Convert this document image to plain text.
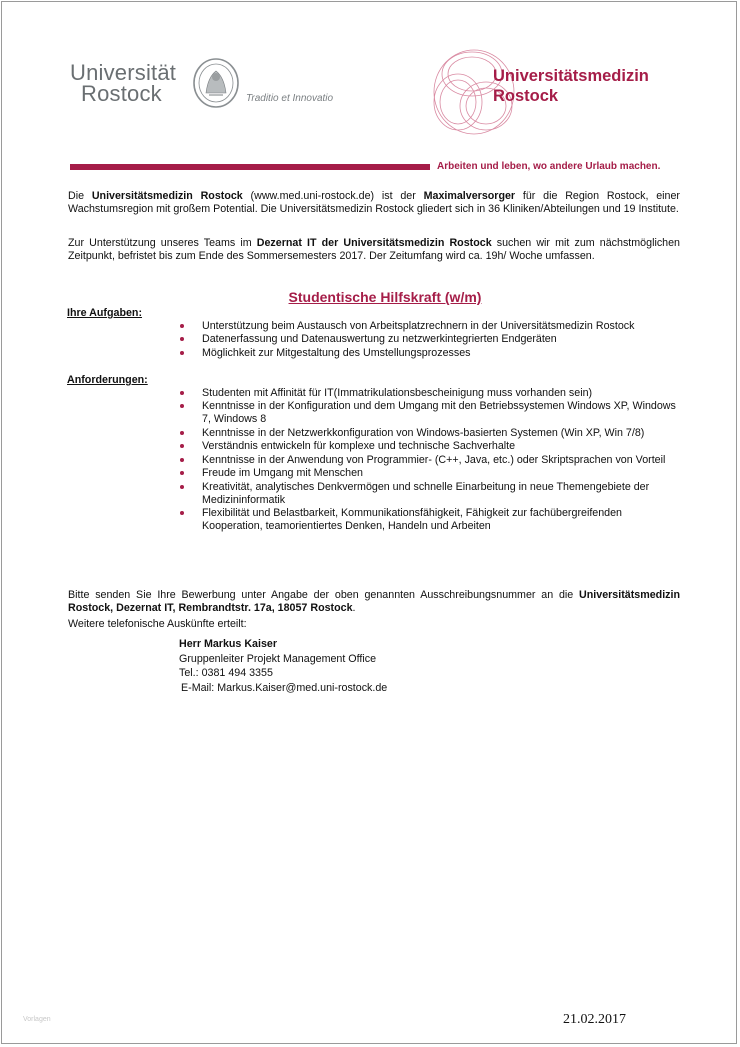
Universität
Rostock	Traditio et Innovatio
Universitätsmedizin
Rostock
Arbeiten und leben, wo andere Urlaub machen.
Die Universitätsmedizin Rostock (www.med.uni-rostock.de) ist der Maximalversorger für die Region Rostock, einer Wachstumsregion mit großem Potential. Die Universitätsmedizin Rostock gliedert sich in 36 Kliniken/Abteilungen und 19 Institute.
Zur Unterstützung unseres Teams im Dezernat IT der Universitätsmedizin Rostock suchen wir mit zum nächstmöglichen Zeitpunkt, befristet bis zum Ende des Sommersemesters 2017. Der Zeitumfang wird ca. 19h/ Woche umfassen.
Studentische Hilfskraft (w/m)
Ihre Aufgaben:
Unterstützung beim Austausch von Arbeitsplatzrechnern in der Universitätsmedizin Rostock
Datenerfassung und Datenauswertung zu netzwerkintegrierten Endgeräten
Möglichkeit zur Mitgestaltung des Umstellungsprozesses
Anforderungen:
Studenten mit Affinität für IT(Immatrikulationsbescheinigung muss vorhanden sein)
Kenntnisse in der Konfiguration und dem Umgang mit den Betriebssystemen Windows XP, Windows 7, Windows 8
Kenntnisse in der Netzwerkkonfiguration von Windows-basierten Systemen (Win XP, Win 7/8)
Verständnis entwickeln für komplexe und technische Sachverhalte
Kenntnisse in der Anwendung von Programmier- (C++, Java, etc.) oder Skriptsprachen von Vorteil
Freude im Umgang mit Menschen
Kreativität, analytisches Denkvermögen und schnelle Einarbeitung in neue Themengebiete der Medizininformatik
Flexibilität und Belastbarkeit, Kommunikationsfähigkeit, Fähigkeit zur fachübergreifenden Kooperation, teamorientiertes Denken, Handeln und Arbeiten
Bitte senden Sie Ihre Bewerbung unter Angabe der oben genannten Ausschreibungsnummer an die Universitätsmedizin Rostock, Dezernat IT, Rembrandtstr. 17a, 18057 Rostock.
Weitere telefonische Auskünfte erteilt:
Herr Markus Kaiser
Gruppenleiter Projekt Management Office
Tel.: 0381 494 3355
E-Mail: Markus.Kaiser@med.uni-rostock.de
Vorlagen	21.02.2017
